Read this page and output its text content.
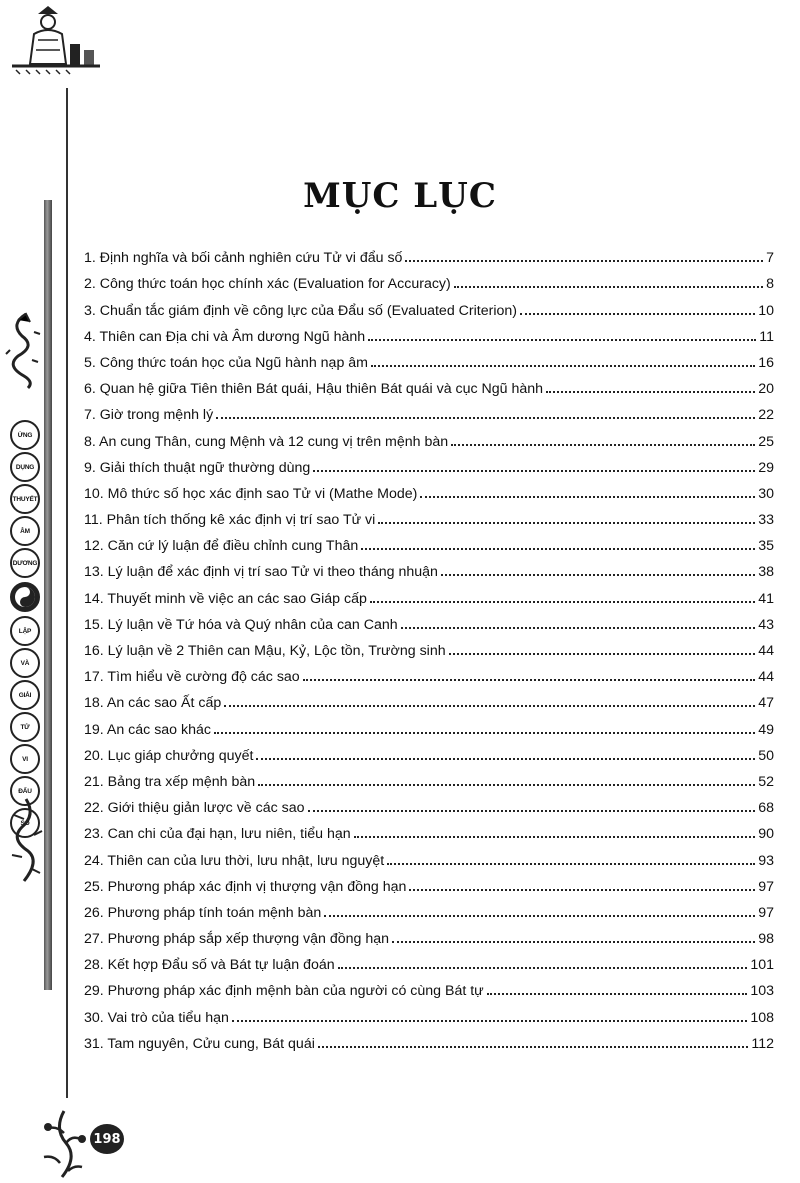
ỨNG
DỤNG
THUYẾT
ÂM
DƯƠNG
LẬP
VÀ
GIẢI
TỬ
VI
ĐẨU
SỐ
198
MỤC LỤC
1. Định nghĩa và bối cảnh nghiên cứu Tử vi đẩu số	7
2. Công thức toán học chính xác (Evaluation for Accuracy)	8
3. Chuẩn tắc giám định về công lực của Đẩu số (Evaluated Criterion)	10
4. Thiên can Địa chi và Âm dương Ngũ hành	11
5. Công thức toán học của Ngũ hành nạp âm	16
6. Quan hệ giữa Tiên thiên Bát quái, Hậu thiên Bát quái và cục Ngũ hành	20
7. Giờ trong mệnh lý	22
8. An cung Thân, cung Mệnh và 12 cung vị trên mệnh bàn	25
9. Giải thích thuật ngữ thường dùng	29
10. Mô thức số học xác định sao Tử vi (Mathe Mode)	30
11. Phân tích thống kê xác định vị trí sao Tử vi	33
12. Căn cứ lý luận để điều chỉnh cung Thân	35
13. Lý luận để xác định vị trí sao Tử vi theo tháng nhuận	38
14. Thuyết minh về việc an các sao Giáp cấp	41
15. Lý luận về Tứ hóa và Quý nhân của can Canh	43
16. Lý luận về 2 Thiên can Mậu, Kỷ, Lộc tồn, Trường sinh	44
17. Tìm hiểu về cường độ các sao	44
18. An các sao Ất cấp	47
19. An các sao khác	49
20. Lục giáp chưởng quyết	50
21. Bảng tra xếp mệnh bàn	52
22. Giới thiệu giản lược về các sao	68
23. Can chi của đại hạn, lưu niên, tiểu hạn	90
24. Thiên can của lưu thời, lưu nhật, lưu nguyệt	93
25. Phương pháp xác định vị thượng vận đồng hạn	97
26. Phương pháp tính toán mệnh bàn	97
27. Phương pháp sắp xếp thượng vận đồng hạn	98
28. Kết hợp Đẩu số và Bát tự luận đoán	101
29. Phương pháp xác định mệnh bàn của người có cùng Bát tự	103
30. Vai trò của tiểu hạn	108
31. Tam nguyên, Cửu cung, Bát quái	112
